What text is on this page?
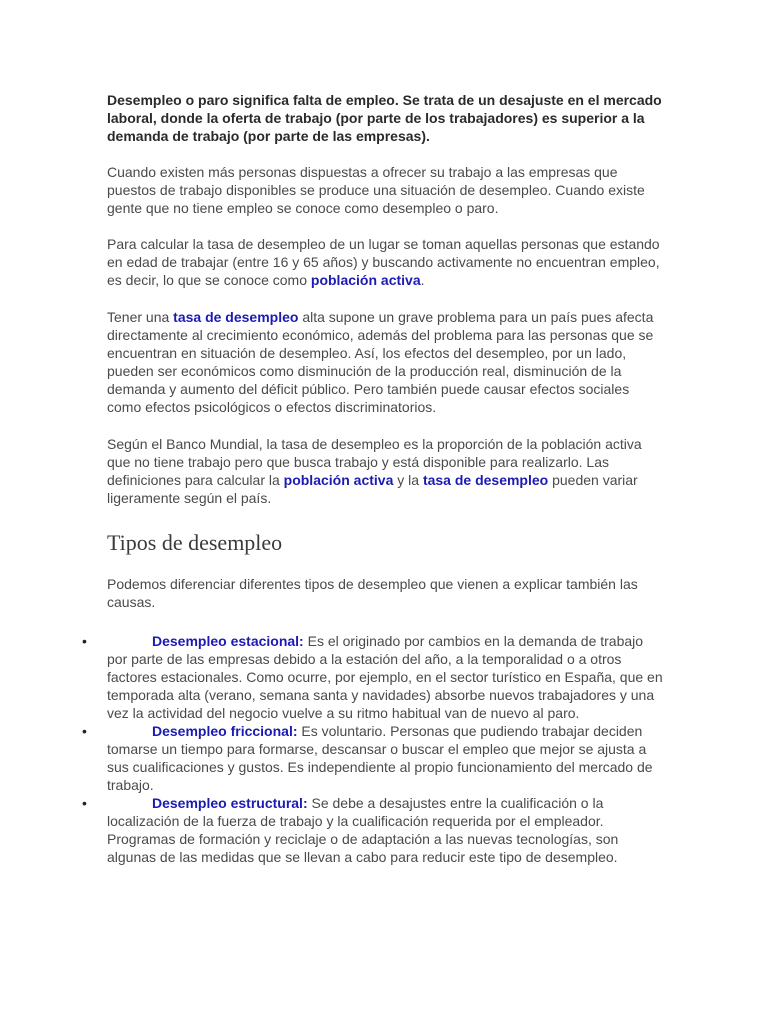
Desempleo o paro significa falta de empleo. Se trata de un desajuste en el mercado laboral, donde la oferta de trabajo (por parte de los trabajadores) es superior a la demanda de trabajo (por parte de las empresas).

Cuando existen más personas dispuestas a ofrecer su trabajo a las empresas que puestos de trabajo disponibles se produce una situación de desempleo. Cuando existe gente que no tiene empleo se conoce como desempleo o paro.

Para calcular la tasa de desempleo de un lugar se toman aquellas personas que estando en edad de trabajar (entre 16 y 65 años) y buscando activamente no encuentran empleo, es decir, lo que se conoce como población activa.

Tener una tasa de desempleo alta supone un grave problema para un país pues afecta directamente al crecimiento económico, además del problema para las personas que se encuentran en situación de desempleo. Así, los efectos del desempleo, por un lado, pueden ser económicos como disminución de la producción real, disminución de la demanda y aumento del déficit público. Pero también puede causar efectos sociales como efectos psicológicos o efectos discriminatorios.

Según el Banco Mundial, la tasa de desempleo es la proporción de la población activa que no tiene trabajo pero que busca trabajo y está disponible para realizarlo. Las definiciones para calcular la población activa y la tasa de desempleo pueden variar ligeramente según el país.

Tipos de desempleo

Podemos diferenciar diferentes tipos de desempleo que vienen a explicar también las causas.

•	Desempleo estacional: Es el originado por cambios en la demanda de trabajo por parte de las empresas debido a la estación del año, a la temporalidad o a otros factores estacionales. Como ocurre, por ejemplo, en el sector turístico en España, que en temporada alta (verano, semana santa y navidades) absorbe nuevos trabajadores y una vez la actividad del negocio vuelve a su ritmo habitual van de nuevo al paro.
•	Desempleo friccional: Es voluntario. Personas que pudiendo trabajar deciden tomarse un tiempo para formarse, descansar o buscar el empleo que mejor se ajusta a sus cualificaciones y gustos. Es independiente al propio funcionamiento del mercado de trabajo.
•	Desempleo estructural: Se debe a desajustes entre la cualificación o la localización de la fuerza de trabajo y la cualificación requerida por el empleador. Programas de formación y reciclaje o de adaptación a las nuevas tecnologías, son algunas de las medidas que se llevan a cabo para reducir este tipo de desempleo.
